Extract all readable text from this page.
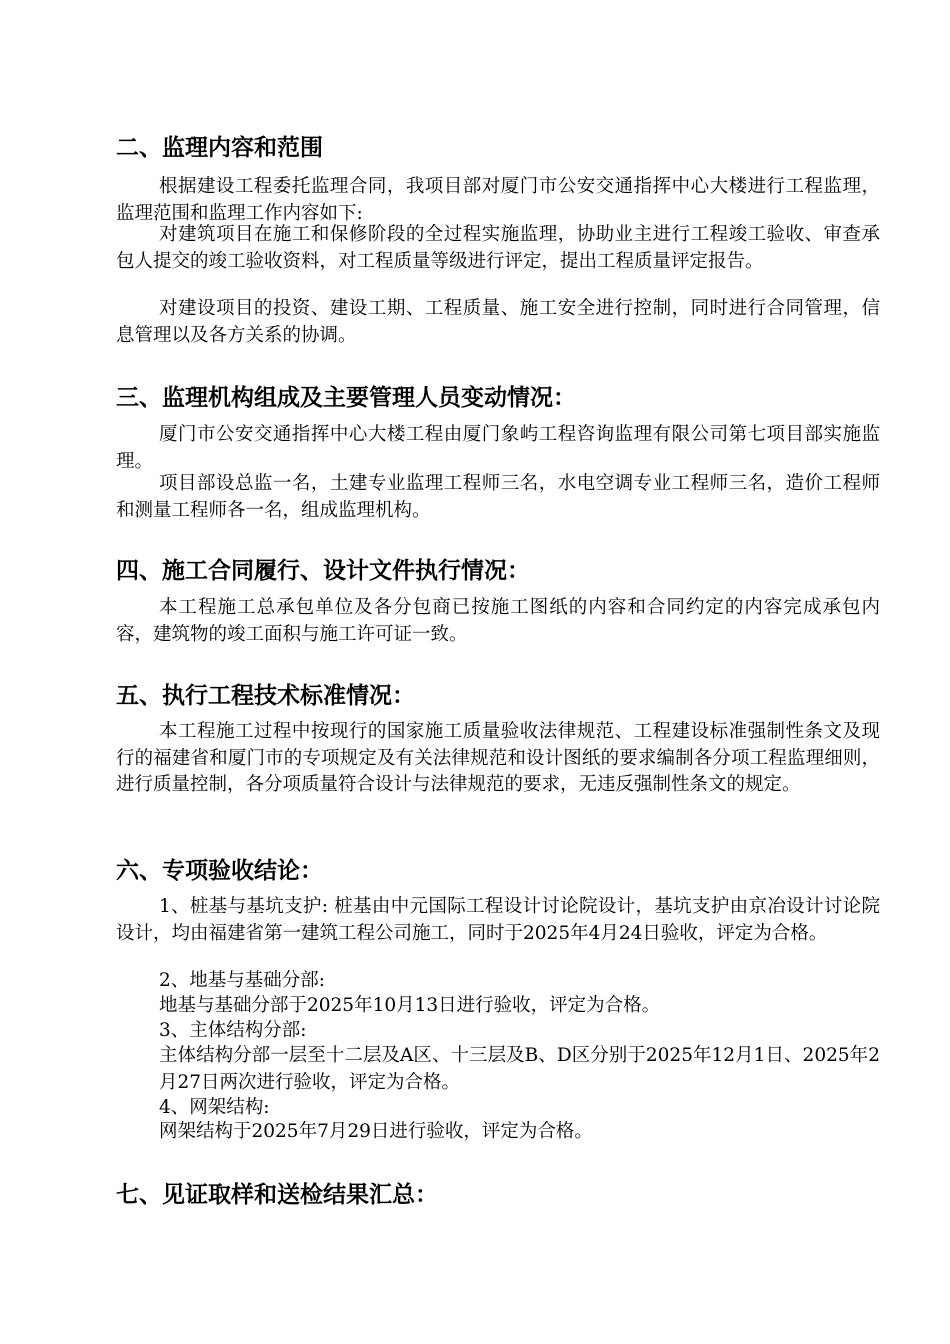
二、监理内容和范围

根据建设工程委托监理合同，我项目部对厦门市公安交通指挥中心大楼进行工程监理，监理范围和监理工作内容如下:

对建筑项目在施工和保修阶段的全过程实施监理，协助业主进行工程竣工验收、审查承包人提交的竣工验收资料，对工程质量等级进行评定，提出工程质量评定报告。

对建设项目的投资、建设工期、工程质量、施工安全进行控制，同时进行合同管理，信息管理以及各方关系的协调。

三、监理机构组成及主要管理人员变动情况：

厦门市公安交通指挥中心大楼工程由厦门象屿工程咨询监理有限公司第七项目部实施监理。

项目部设总监一名，土建专业监理工程师三名，水电空调专业工程师三名，造价工程师和测量工程师各一名，组成监理机构。

四、施工合同履行、设计文件执行情况：

本工程施工总承包单位及各分包商已按施工图纸的内容和合同约定的内容完成承包内容，建筑物的竣工面积与施工许可证一致。

五、执行工程技术标准情况：

本工程施工过程中按现行的国家施工质量验收法律规范、工程建设标准强制性条文及现行的福建省和厦门市的专项规定及有关法律规范和设计图纸的要求编制各分项工程监理细则，进行质量控制，各分项质量符合设计与法律规范的要求，无违反强制性条文的规定。

六、专项验收结论：

1、桩基与基坑支护: 桩基由中元国际工程设计讨论院设计，基坑支护由京冶设计讨论院设计，均由福建省第一建筑工程公司施工，同时于2025年4月24日验收，评定为合格。

2、地基与基础分部:

地基与基础分部于2025年10月13日进行验收，评定为合格。

3、主体结构分部:

主体结构分部一层至十二层及A区、十三层及B、D区分别于2025年12月1日、2025年2月27日两次进行验收，评定为合格。

4、网架结构:

网架结构于2025年7月29日进行验收，评定为合格。

七、见证取样和送检结果汇总：
